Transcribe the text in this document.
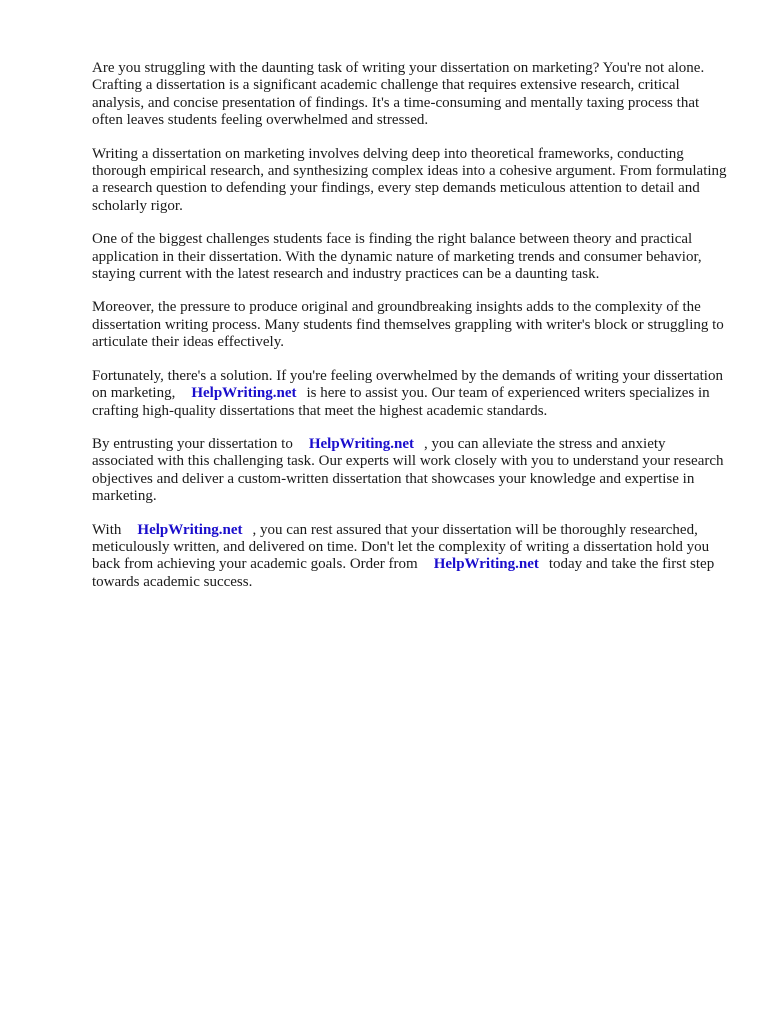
Are you struggling with the daunting task of writing your dissertation on marketing? You're not alone. Crafting a dissertation is a significant academic challenge that requires extensive research, critical analysis, and concise presentation of findings. It's a time-consuming and mentally taxing process that often leaves students feeling overwhelmed and stressed.

Writing a dissertation on marketing involves delving deep into theoretical frameworks, conducting thorough empirical research, and synthesizing complex ideas into a cohesive argument. From formulating a research question to defending your findings, every step demands meticulous attention to detail and scholarly rigor.

One of the biggest challenges students face is finding the right balance between theory and practical application in their dissertation. With the dynamic nature of marketing trends and consumer behavior, staying current with the latest research and industry practices can be a daunting task.

Moreover, the pressure to produce original and groundbreaking insights adds to the complexity of the dissertation writing process. Many students find themselves grappling with writer's block or struggling to articulate their ideas effectively.

Fortunately, there's a solution. If you're feeling overwhelmed by the demands of writing your dissertation on marketing, HelpWriting.net is here to assist you. Our team of experienced writers specializes in crafting high-quality dissertations that meet the highest academic standards.

By entrusting your dissertation to HelpWriting.net , you can alleviate the stress and anxiety associated with this challenging task. Our experts will work closely with you to understand your research objectives and deliver a custom-written dissertation that showcases your knowledge and expertise in marketing.

With HelpWriting.net , you can rest assured that your dissertation will be thoroughly researched, meticulously written, and delivered on time. Don't let the complexity of writing a dissertation hold you back from achieving your academic goals. Order from HelpWriting.net today and take the first step towards academic success.
